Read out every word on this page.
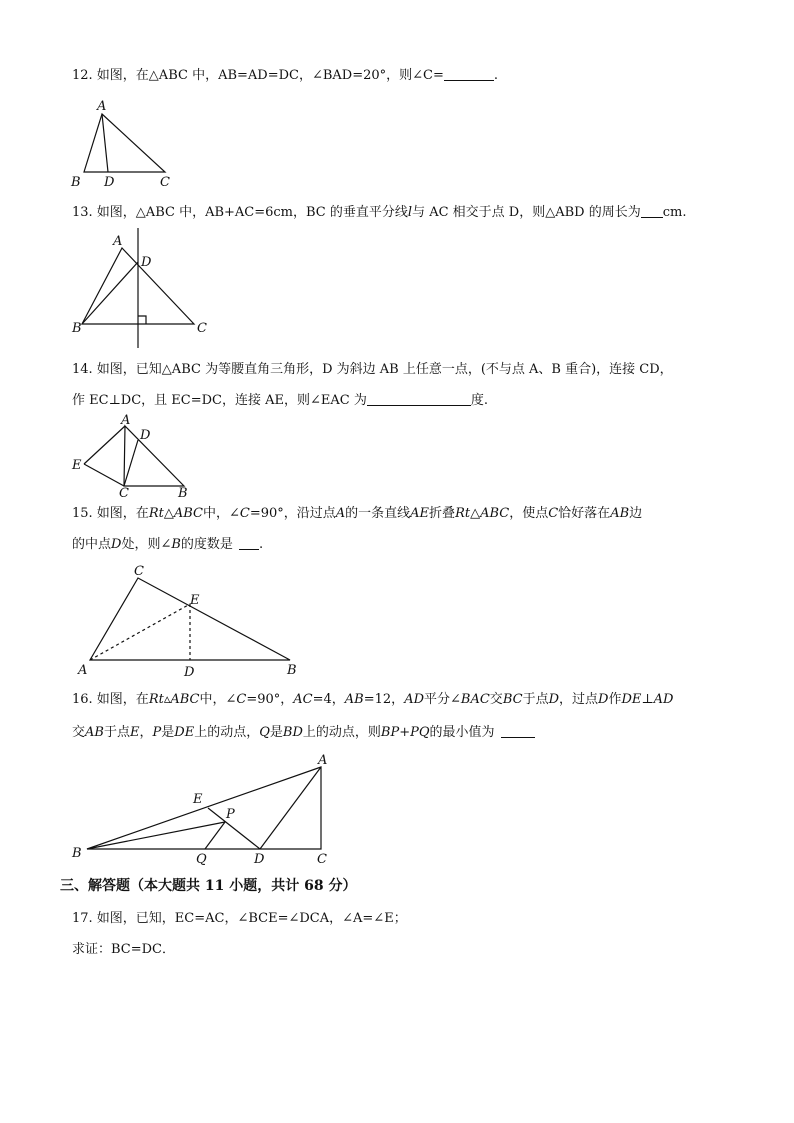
12. 如图，在△ABC 中，AB=AD=DC，∠BAD=20°，则∠C=	.
A
B D	C
13. 如图，△ABC 中，AB+AC=6cm，BC 的垂直平分线l与 AC 相交于点 D，则△ABD 的周长为 cm.
A
D
B	C
14. 如图，已知△ABC 为等腰直角三角形，D 为斜边 AB 上任意一点，(不与点 A、B 重合)，连接 CD，
作 EC⊥DC，且 EC=DC，连接 AE，则∠EAC 为	度.
A
D
E
C	B
15. 如图，在Rt△ABC中，∠C=90°，沿过点A的一条直线AE折叠Rt△ABC，使点C恰好落在AB边
的中点D处，则∠B的度数是 .
C
E
A	D	B
16. 如图，在Rt▵ABC中，∠C=90°，AC=4，AB=12，AD平分∠BAC交BC于点D，过点D作DE⊥AD
交AB于点E，P是DE上的动点，Q是BD上的动点，则BP+PQ的最小值为
A
E
P
B	Q	D	C
三、解答题（本大题共 11 小题，共计 68 分）
17. 如图，已知，EC=AC，∠BCE=∠DCA，∠A=∠E；
求证：BC=DC．
